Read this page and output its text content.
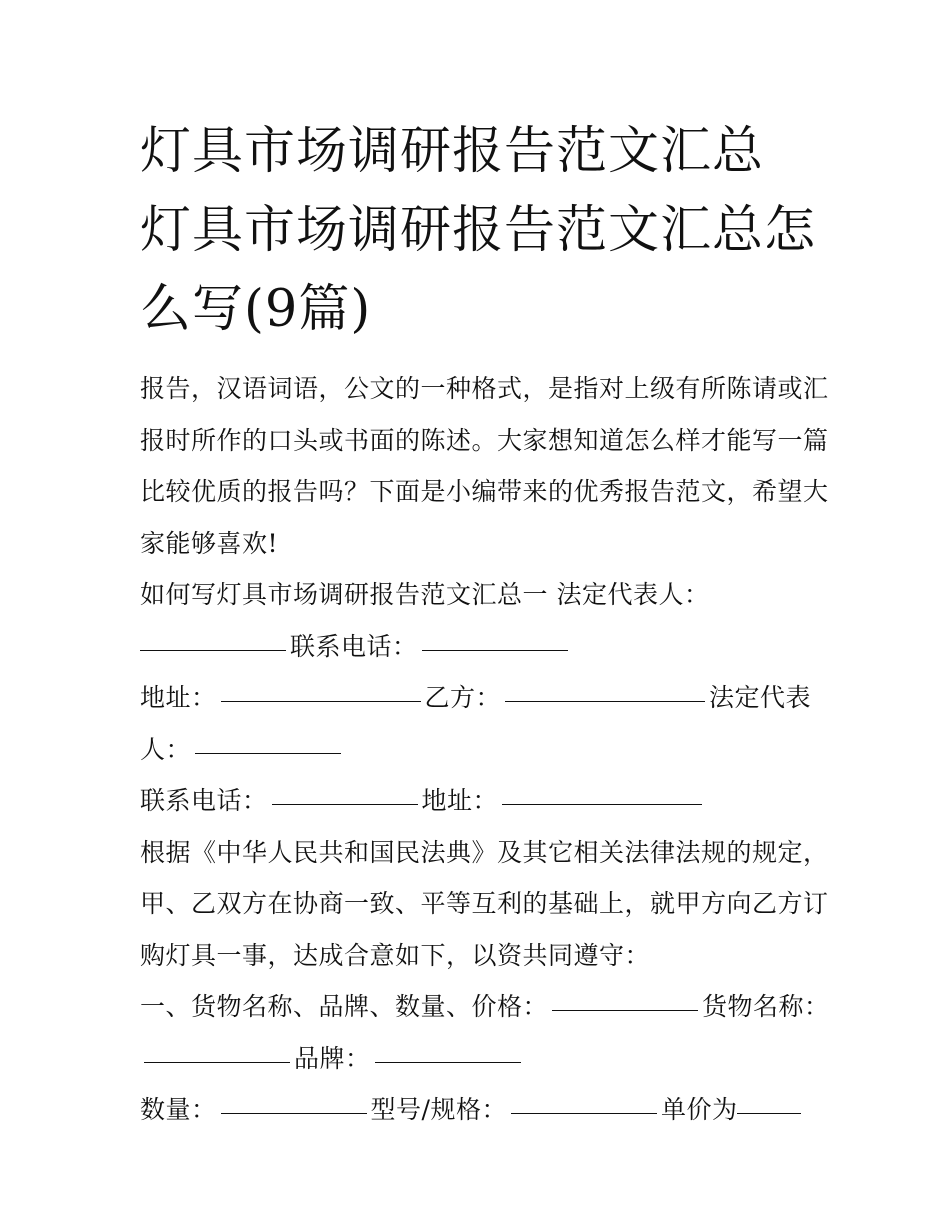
灯具市场调研报告范文汇总 灯具市场调研报告范文汇总怎么写(9篇)

报告，汉语词语，公文的一种格式，是指对上级有所陈请或汇报时所作的口头或书面的陈述。大家想知道怎么样才能写一篇比较优质的报告吗？下面是小编带来的优秀报告范文，希望大家能够喜欢!

如何写灯具市场调研报告范文汇总一 法定代表人：

联系电话：

地址：	乙方：	法定代表人：

联系电话：	地址：

根据《中华人民共和国民法典》及其它相关法律法规的规定，甲、乙双方在协商一致、平等互利的基础上，就甲方向乙方订购灯具一事，达成合意如下，以资共同遵守：

一、货物名称、品牌、数量、价格：	货物名称：品牌：

数量：	型号/规格：	单价为
